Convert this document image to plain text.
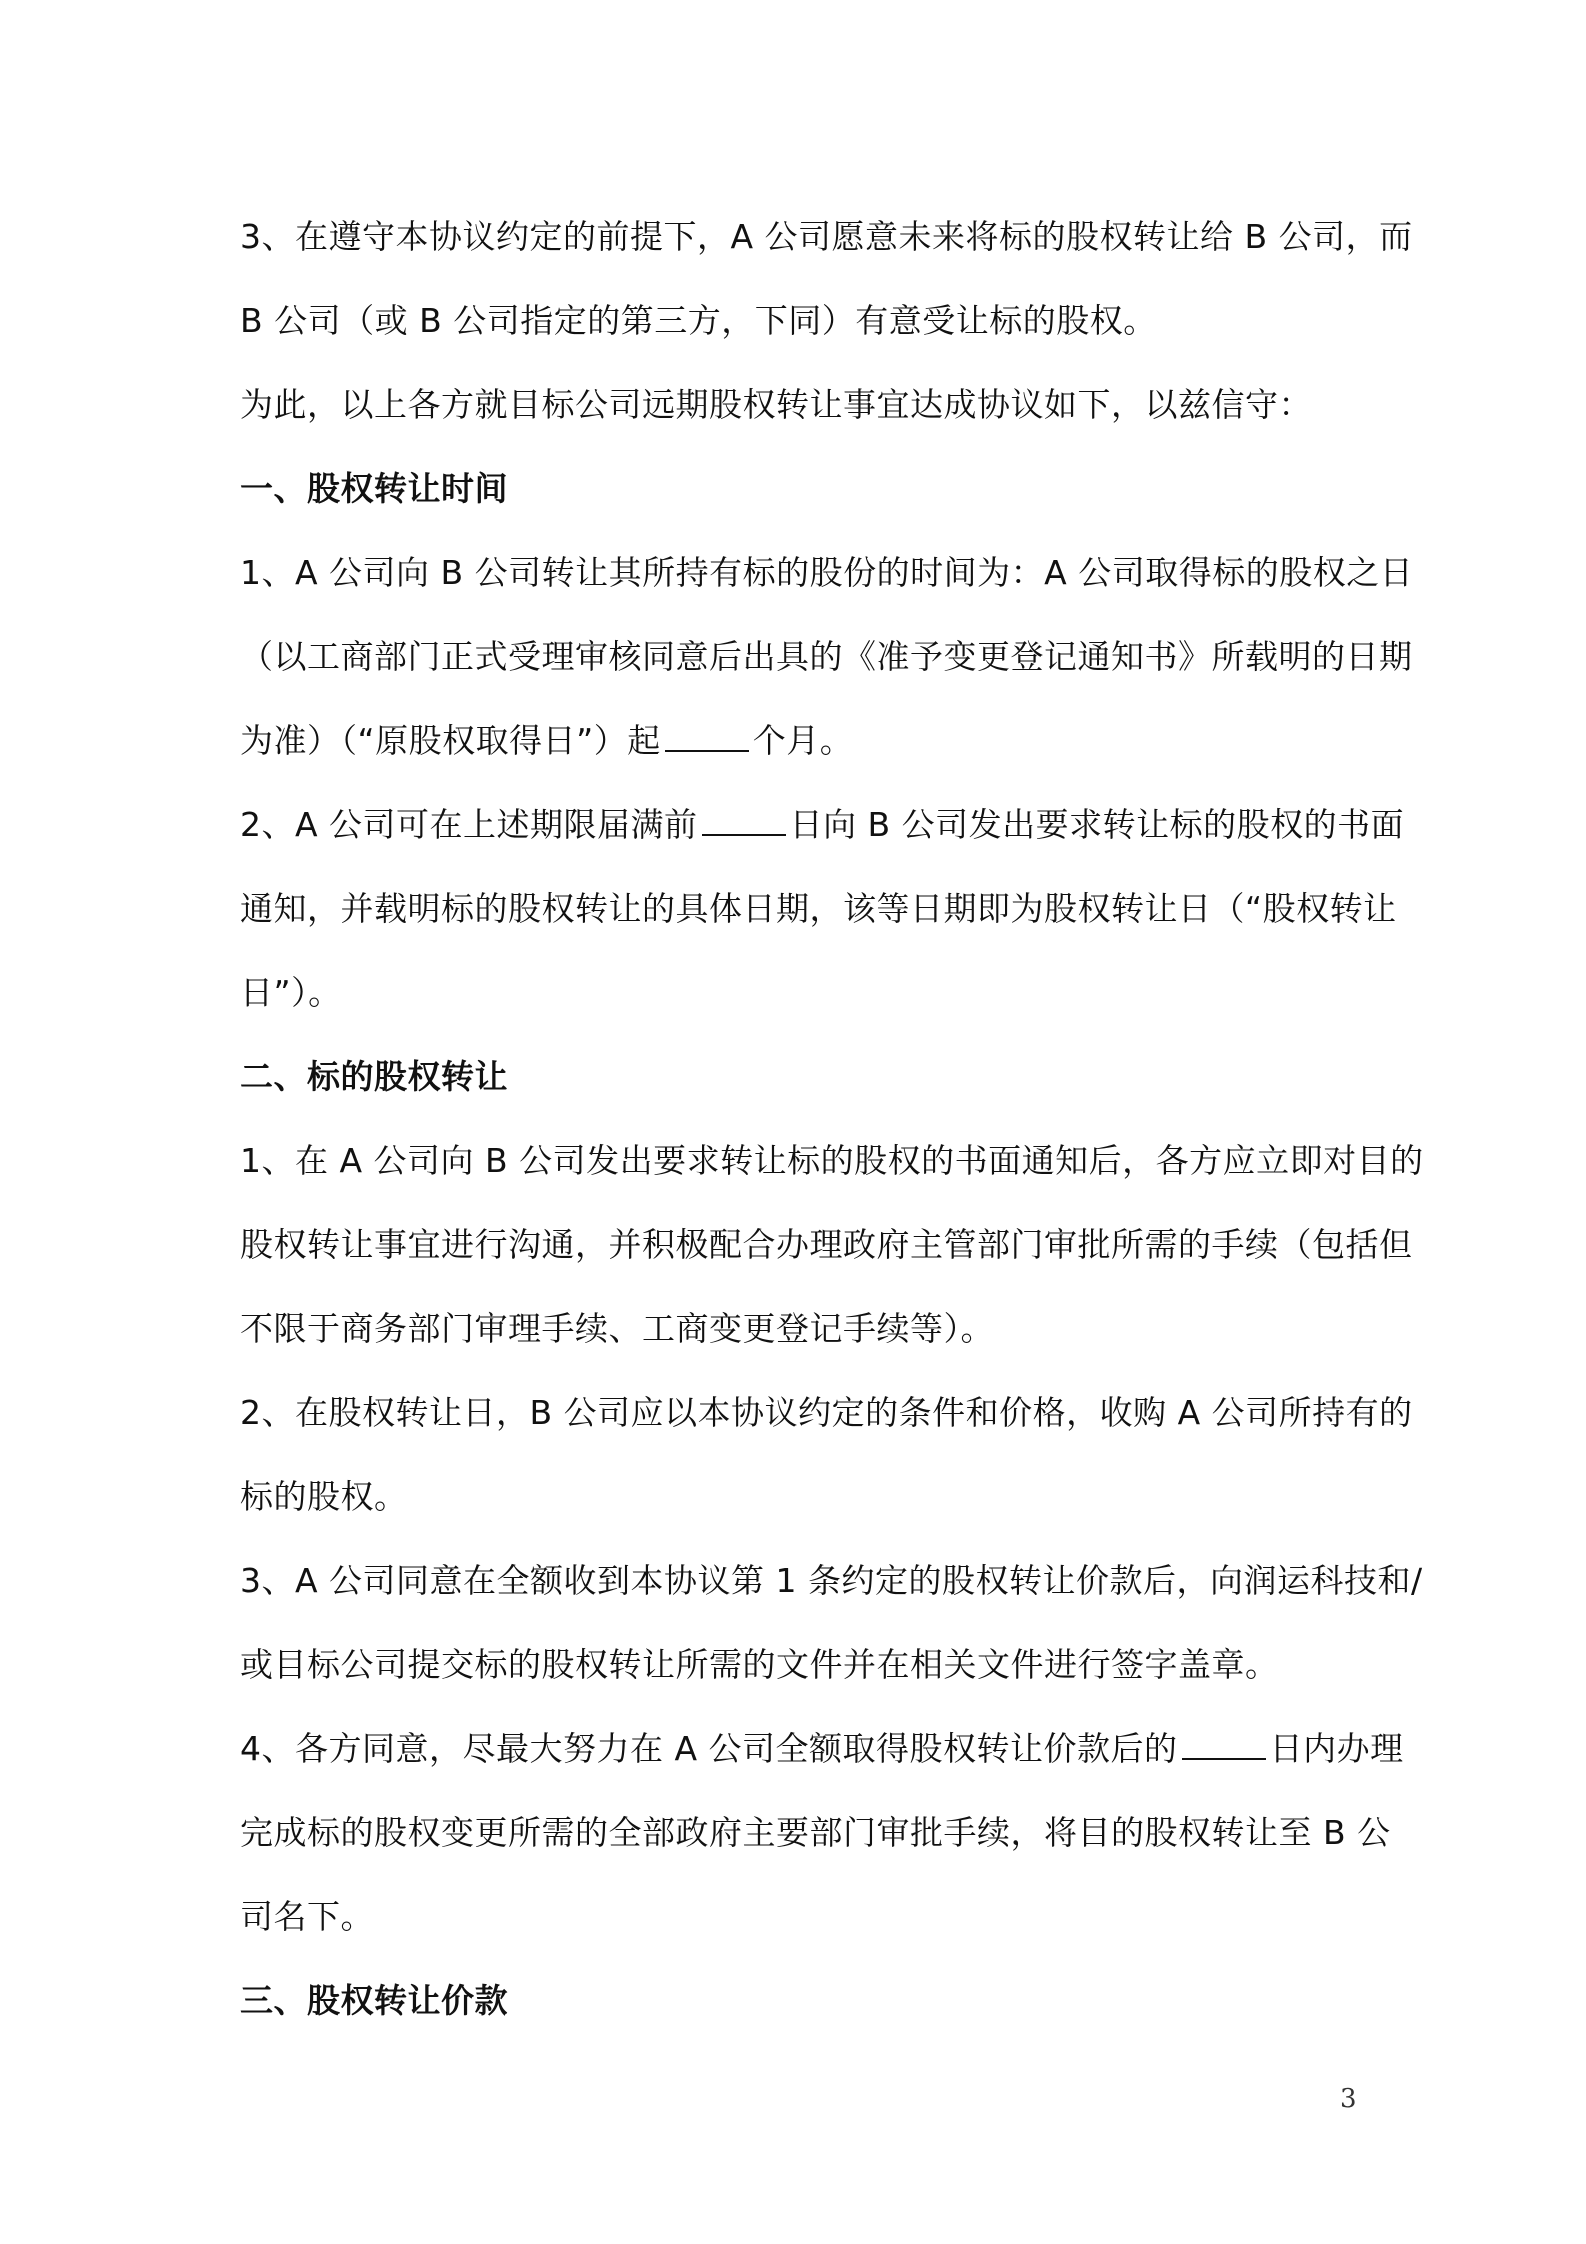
3、在遵守本协议约定的前提下，A 公司愿意未来将标的股权转让给 B 公司，而
B 公司（或 B 公司指定的第三方，下同）有意受让标的股权。

为此，以上各方就目标公司远期股权转让事宜达成协议如下，以兹信守：

一、股权转让时间

1、A 公司向 B 公司转让其所持有标的股份的时间为：A 公司取得标的股权之日
（以工商部门正式受理审核同意后出具的《准予变更登记通知书》所载明的日期
为准）（“原股权取得日”）起	个月。

2、A 公司可在上述期限届满前	日向 B 公司发出要求转让标的股权的书面
通知，并载明标的股权转让的具体日期，该等日期即为股权转让日（“股权转让
日”）。

二、标的股权转让

1、在 A 公司向 B 公司发出要求转让标的股权的书面通知后，各方应立即对目的
股权转让事宜进行沟通，并积极配合办理政府主管部门审批所需的手续（包括但
不限于商务部门审理手续、工商变更登记手续等）。

2、在股权转让日，B 公司应以本协议约定的条件和价格，收购 A 公司所持有的
标的股权。

3、A 公司同意在全额收到本协议第 1 条约定的股权转让价款后，向润运科技和/
或目标公司提交标的股权转让所需的文件并在相关文件进行签字盖章。

4、各方同意，尽最大努力在 A 公司全额取得股权转让价款后的	日内办理
完成标的股权变更所需的全部政府主要部门审批手续，将目的股权转让至 B 公
司名下。

三、股权转让价款

3
